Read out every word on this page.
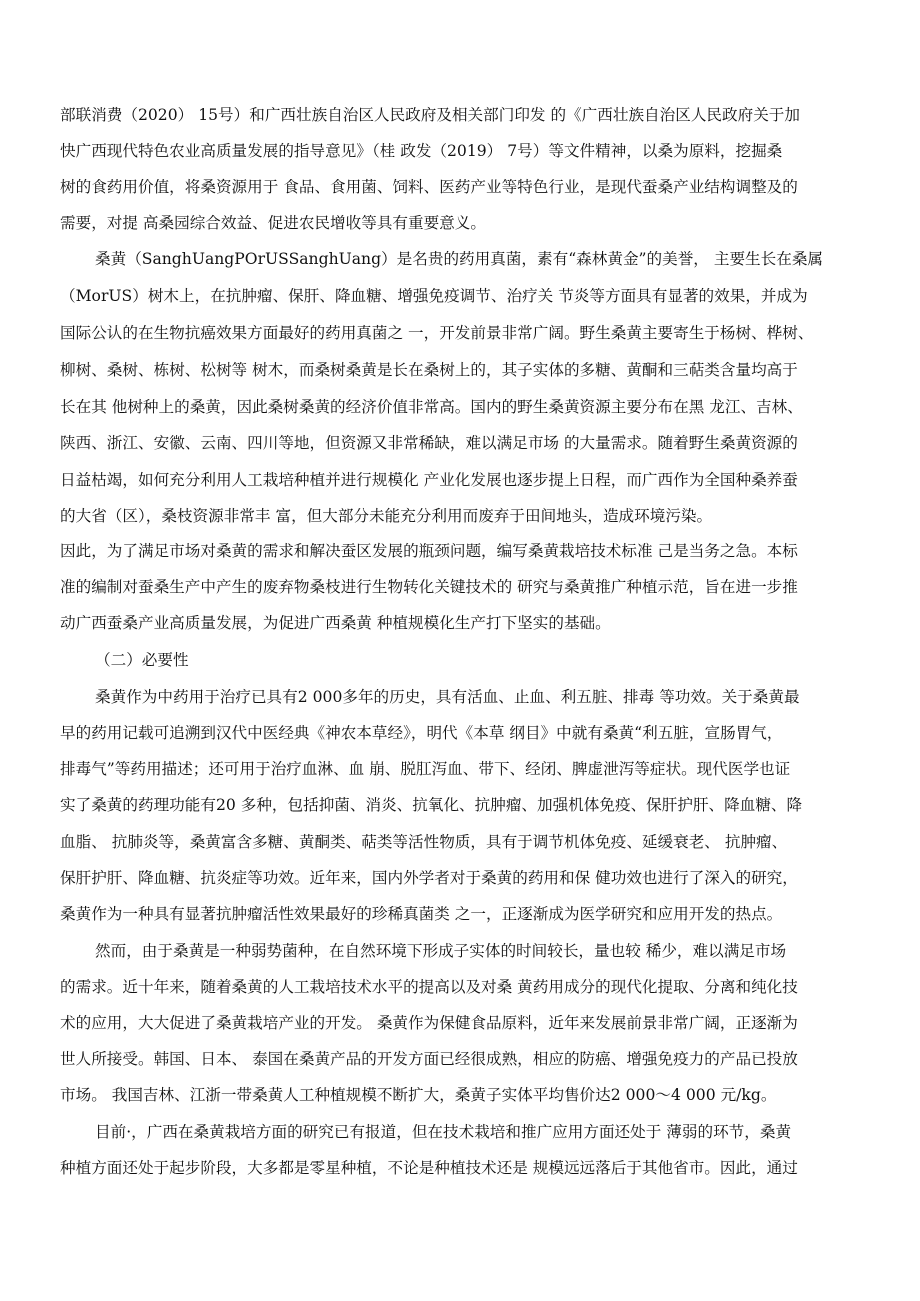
部联消费（2020） 15号）和广西壮族自治区人民政府及相关部门印发 的《广西壮族自治区人民政府关于加
快广西现代特色农业高质量发展的指导意见》（桂 政发（2019） 7号）等文件精神，以桑为原料，挖掘桑
树的食药用价值，将桑资源用于 食品、食用菌、饲料、医药产业等特色行业，是现代蚕桑产业结构调整及的
需要，对提 高桑园综合效益、促进农民增收等具有重要意义。
桑黄（SanghUangPOrUSSanghUang）是名贵的药用真菌，素有“森林黄金”的美誉， 主要生长在桑属
（MorUS）树木上，在抗肿瘤、保肝、降血糖、增强免疫调节、治疗关 节炎等方面具有显著的效果，并成为
国际公认的在生物抗癌效果方面最好的药用真菌之 一，开发前景非常广阔。野生桑黄主要寄生于杨树、桦树、
柳树、桑树、栋树、松树等 树木，而桑树桑黄是长在桑树上的，其子实体的多糖、黄酮和三萜类含量均高于
长在其 他树种上的桑黄，因此桑树桑黄的经济价值非常高。国内的野生桑黄资源主要分布在黑 龙江、吉林、
陕西、浙江、安徽、云南、四川等地，但资源又非常稀缺，难以满足市场 的大量需求。随着野生桑黄资源的
日益枯竭，如何充分利用人工栽培种植并进行规模化 产业化发展也逐步提上日程，而广西作为全国种桑养蚕
的大省（区），桑枝资源非常丰 富，但大部分未能充分利用而废弃于田间地头，造成环境污染。
因此，为了满足市场对桑黄的需求和解决蚕区发展的瓶颈问题，编写桑黄栽培技术标准 己是当务之急。本标
准的编制对蚕桑生产中产生的废弃物桑枝进行生物转化关键技术的 研究与桑黄推广种植示范，旨在进一步推
动广西蚕桑产业高质量发展，为促进广西桑黄 种植规模化生产打下坚实的基础。
（二）必要性
桑黄作为中药用于治疗已具有2 000多年的历史，具有活血、止血、利五脏、排毒 等功效。关于桑黄最
早的药用记载可追溯到汉代中医经典《神农本草经》，明代《本草 纲目》中就有桑黄“利五脏，宣肠胃气，
排毒气”等药用描述；还可用于治疗血淋、血 崩、脱肛泻血、带下、经闭、脾虚泄泻等症状。现代医学也证
实了桑黄的药理功能有20 多种，包括抑菌、消炎、抗氧化、抗肿瘤、加强机体免疫、保肝护肝、降血糖、降
血脂、 抗肺炎等，桑黄富含多糖、黄酮类、萜类等活性物质，具有于调节机体免疫、延缓衰老、 抗肿瘤、
保肝护肝、降血糖、抗炎症等功效。近年来，国内外学者对于桑黄的药用和保 健功效也进行了深入的研究，
桑黄作为一种具有显著抗肿瘤活性效果最好的珍稀真菌类 之一，正逐渐成为医学研究和应用开发的热点。
然而，由于桑黄是一种弱势菌种，在自然环境下形成子实体的时间较长，量也较 稀少，难以满足市场
的需求。近十年来，随着桑黄的人工栽培技术水平的提高以及对桑 黄药用成分的现代化提取、分离和纯化技
术的应用，大大促进了桑黄栽培产业的开发。 桑黄作为保健食品原料，近年来发展前景非常广阔，正逐渐为
世人所接受。韩国、日本、 泰国在桑黄产品的开发方面已经很成熟，相应的防癌、增强免疫力的产品已投放
市场。 我国吉林、江浙一带桑黄人工种植规模不断扩大，桑黄子实体平均售价达2 000～4 000 元/kg。
目前·，广西在桑黄栽培方面的研究已有报道，但在技术栽培和推广应用方面还处于 薄弱的环节，桑黄
种植方面还处于起步阶段，大多都是零星种植，不论是种植技术还是 规模远远落后于其他省市。因此，通过
